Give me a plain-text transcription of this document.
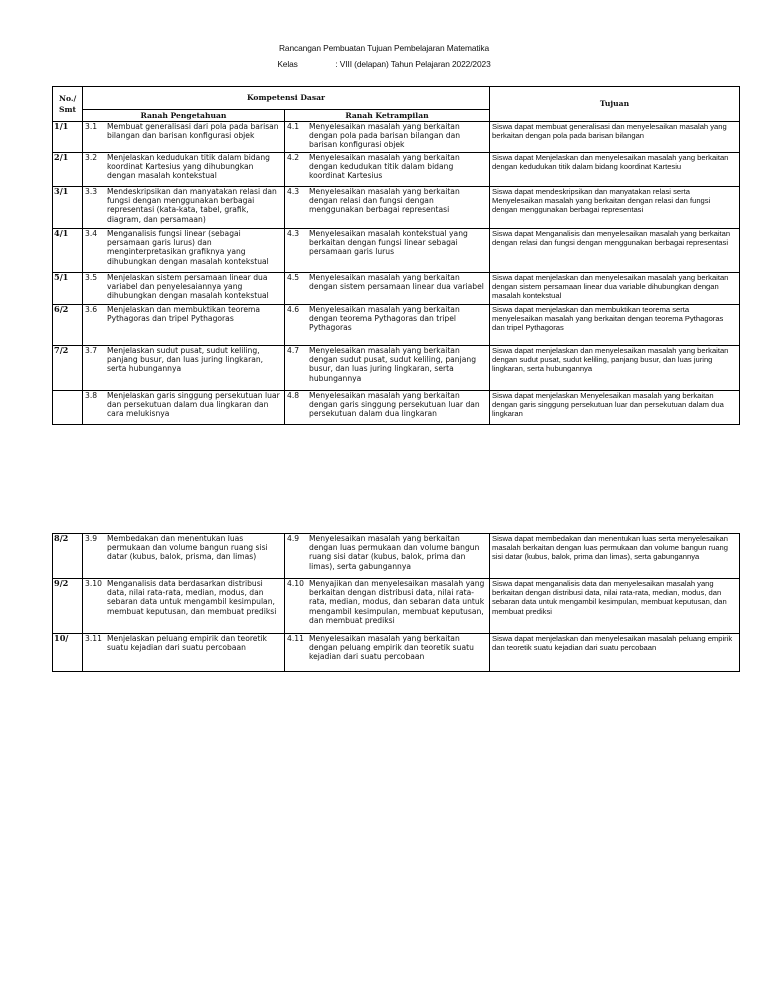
Rancangan Pembuatan Tujuan Pembelajaran Matematika
Kelas	: VIII (delapan) Tahun Pelajaran 2022/2023
No./ Smt	Kompetensi Dasar		Tujuan
	Ranah Pengetahuan	Ranah Ketrampilan	
1/1	3.1	Membuat generalisasi dari pola pada barisan bilangan dan barisan konfigurasi objek	4.1	Menyelesaikan masalah yang berkaitan dengan pola pada barisan bilangan dan barisan konfigurasi objek	Siswa dapat membuat generalisasi dan menyelesaikan masalah yang berkaitan dengan pola pada barisan bilangan
2/1	3.2	Menjelaskan kedudukan titik dalam bidang koordinat Kartesius yang dihubungkan dengan masalah kontekstual	4.2	Menyelesaikan masalah yang berkaitan dengan kedudukan titik dalam bidang koordinat Kartesius	Siswa dapat Menjelaskan dan menyelesaikan masalah yang berkaitan dengan kedudukan titik dalam bidang koordinat Kartesiu
3/1	3.3	Mendeskripsikan dan manyatakan relasi dan fungsi dengan menggunakan berbagai representasi (kata-kata, tabel, grafik, diagram, dan persamaan)	4.3	Menyelesaikan masalah yang berkaitan dengan relasi dan fungsi dengan menggunakan berbagai representasi	Siswa dapat mendeskripsikan dan manyatakan relasi serta Menyelesaikan masalah yang berkaitan dengan relasi dan fungsi dengan menggunakan berbagai representasi
4/1	3.4	Menganalisis fungsi linear (sebagai persamaan garis lurus) dan menginterpretasikan grafiknya yang dihubungkan dengan masalah kontekstual	4.3	Menyelesaikan masalah kontekstual yang berkaitan dengan fungsi linear sebagai persamaan garis lurus	Siswa dapat Menganalisis dan menyelesaikan masalah yang berkaitan dengan relasi dan fungsi dengan menggunakan berbagai representasi
5/1	3.5	Menjelaskan sistem persamaan linear dua variabel dan penyelesaiannya yang dihubungkan dengan masalah kontekstual	4.5	Menyelesaikan masalah yang berkaitan dengan sistem persamaan linear dua variabel	Siswa dapat menjelaskan dan menyelesaikan masalah yang berkaitan dengan sistem persamaan linear dua variable dihubungkan dengan masalah kontekstual
6/2	3.6	Menjelaskan dan membuktikan teorema Pythagoras dan tripel Pythagoras	4.6	Menyelesaikan masalah yang berkaitan dengan teorema Pythagoras dan tripel Pythagoras	Siswa dapat menjelaskan dan membuktikan teorema serta menyelesaikan masalah yang berkaitan dengan teorema Pythagoras dan tripel Pythagoras
7/2	3.7	Menjelaskan sudut pusat, sudut keliling, panjang busur, dan luas juring lingkaran, serta hubungannya	4.7	Menyelesaikan masalah yang berkaitan dengan sudut pusat, sudut keliling, panjang busur, dan luas juring lingkaran, serta hubungannya	Siswa dapat menjelaskan dan menyelesaikan masalah yang berkaitan dengan sudut pusat, sudut keliling, panjang busur, dan luas juring lingkaran, serta hubungannya

3.8	Menjelaskan garis singgung persekutuan luar dan persekutuan dalam dua lingkaran dan cara melukisnya	4.8	Menyelesaikan masalah yang berkaitan dengan garis singgung persekutuan luar dan persekutuan dalam dua lingkaran	Siswa dapat menjelaskan Menyelesaikan masalah yang berkaitan dengan garis singgung persekutuan luar dan persekutuan dalam dua lingkaran
8/2	3.9	Membedakan dan menentukan luas permukaan dan volume bangun ruang sisi datar (kubus, balok, prisma, dan limas)	4.9	Menyelesaikan masalah yang berkaitan dengan luas permukaan dan volume bangun ruang sisi datar (kubus, balok, prima dan limas), serta gabungannya	Siswa dapat membedakan dan menentukan luas serta menyelesaikan masalah berkaitan dengan luas permukaan dan volume bangun ruang sisi datar (kubus, balok, prima dan limas), serta gabungannya
9/2	3.10	Menganalisis data berdasarkan distribusi data, nilai rata-rata, median, modus, dan sebaran data untuk mengambil kesimpulan, membuat keputusan, dan membuat prediksi	4.10	Menyajikan dan menyelesaikan masalah yang berkaitan dengan distribusi data, nilai rata-rata, median, modus, dan sebaran data untuk mengambil kesimpulan, membuat keputusan, dan membuat prediksi	Siswa dapat menganalisis data dan menyelesaikan masalah yang berkaitan dengan distribusi data, nilai rata-rata, median, modus, dan sebaran data untuk mengambil kesimpulan, membuat keputusan, dan membuat prediksi
10/	3.11	Menjelaskan peluang empirik dan teoretik suatu kejadian dari suatu percobaan	4.11	Menyelesaikan masalah yang berkaitan dengan peluang empirik dan teoretik suatu kejadian dari suatu percobaan	Siswa dapat menjelaskan dan menyelesaikan masalah peluang empirik dan teoretik suatu kejadian dari suatu percobaan
